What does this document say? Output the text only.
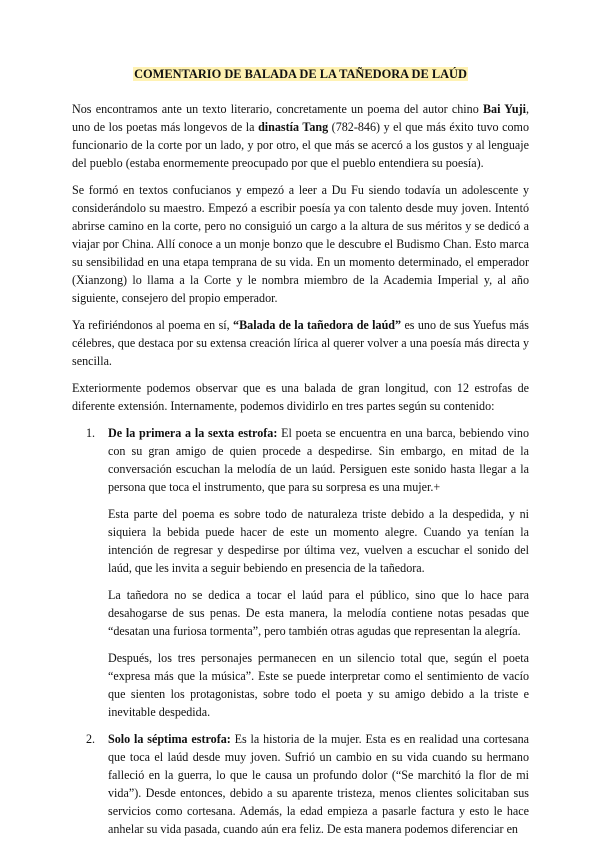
COMENTARIO DE BALADA DE LA TAÑEDORA DE LAÚD

Nos encontramos ante un texto literario, concretamente un poema del autor chino Bai Yuji, uno de los poetas más longevos de la dinastía Tang (782-846) y el que más éxito tuvo como funcionario de la corte por un lado, y por otro, el que más se acercó a los gustos y al lenguaje del pueblo (estaba enormemente preocupado por que el pueblo entendiera su poesía).

Se formó en textos confucianos y empezó a leer a Du Fu siendo todavía un adolescente y considerándolo su maestro. Empezó a escribir poesía ya con talento desde muy joven. Intentó abrirse camino en la corte, pero no consiguió un cargo a la altura de sus méritos y se dedicó a viajar por China. Allí conoce a un monje bonzo que le descubre el Budismo Chan. Esto marca su sensibilidad en una etapa temprana de su vida. En un momento determinado, el emperador (Xianzong) lo llama a la Corte y le nombra miembro de la Academia Imperial y, al año siguiente, consejero del propio emperador.

Ya refiriéndonos al poema en sí, “Balada de la tañedora de laúd” es uno de sus Yuefus más célebres, que destaca por su extensa creación lírica al querer volver a una poesía más directa y sencilla.

Exteriormente podemos observar que es una balada de gran longitud, con 12 estrofas de diferente extensión. Internamente, podemos dividirlo en tres partes según su contenido:

1. De la primera a la sexta estrofa: El poeta se encuentra en una barca, bebiendo vino con su gran amigo de quien procede a despedirse. Sin embargo, en mitad de la conversación escuchan la melodía de un laúd. Persiguen este sonido hasta llegar a la persona que toca el instrumento, que para su sorpresa es una mujer.+

Esta parte del poema es sobre todo de naturaleza triste debido a la despedida, y ni siquiera la bebida puede hacer de este un momento alegre. Cuando ya tenían la intención de regresar y despedirse por última vez, vuelven a escuchar el sonido del laúd, que les invita a seguir bebiendo en presencia de la tañedora.

La tañedora no se dedica a tocar el laúd para el público, sino que lo hace para desahogarse de sus penas. De esta manera, la melodía contiene notas pesadas que “desatan una furiosa tormenta”, pero también otras agudas que representan la alegría.

Después, los tres personajes permanecen en un silencio total que, según el poeta “expresa más que la música”. Este se puede interpretar como el sentimiento de vacío que sienten los protagonistas, sobre todo el poeta y su amigo debido a la triste e inevitable despedida.

2. Solo la séptima estrofa: Es la historia de la mujer. Esta es en realidad una cortesana que toca el laúd desde muy joven. Sufrió un cambio en su vida cuando su hermano falleció en la guerra, lo que le causa un profundo dolor (“Se marchitó la flor de mi vida”). Desde entonces, debido a su aparente tristeza, menos clientes solicitaban sus servicios como cortesana. Además, la edad empieza a pasarle factura y esto le hace anhelar su vida pasada, cuando aún era feliz. De esta manera podemos diferenciar en
